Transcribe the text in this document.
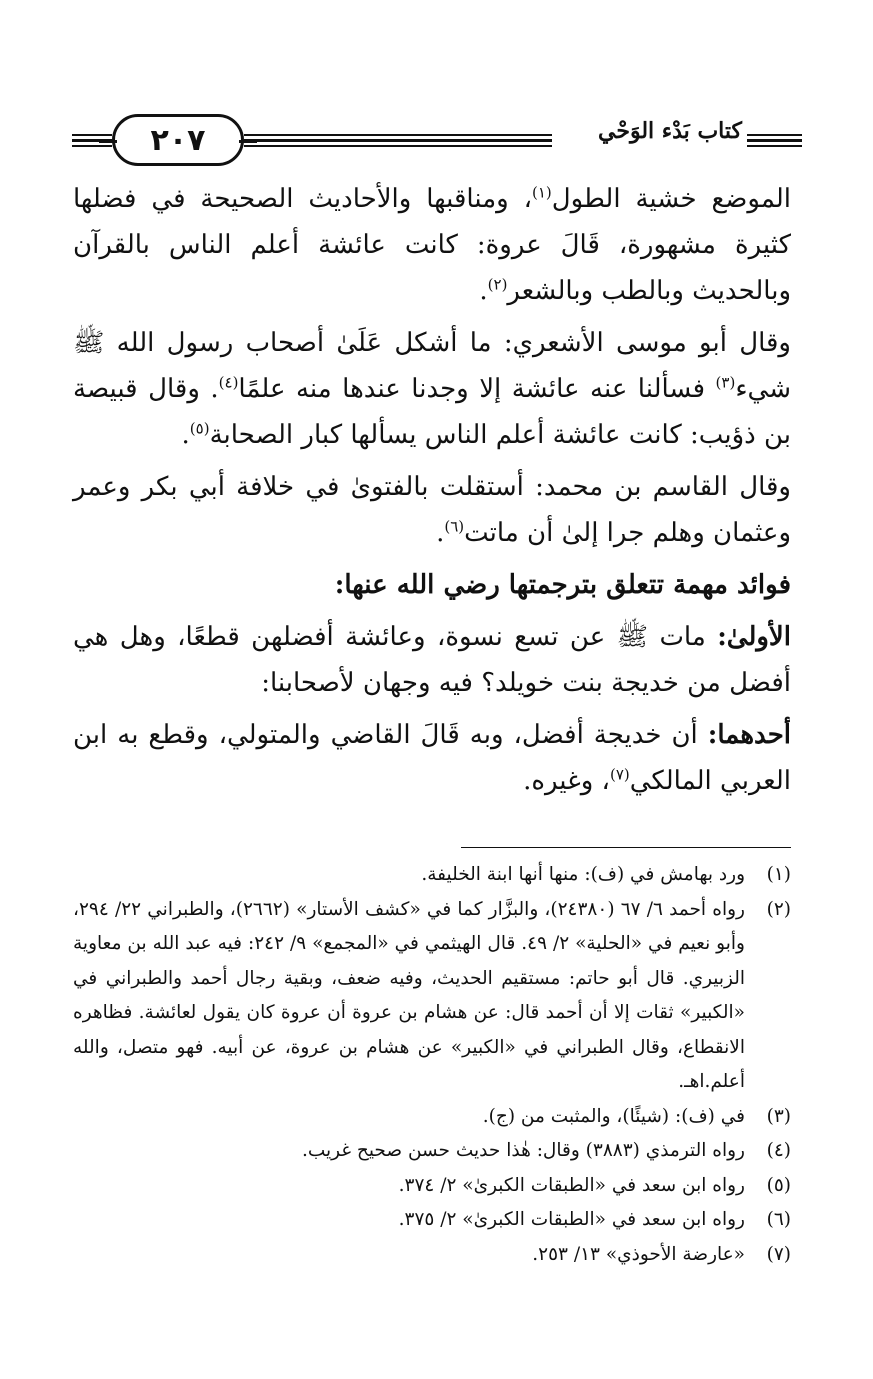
٢٠٧	كتاب بَدْء الوَحْي

الموضع خشية الطول$^{(١)}$، ومناقبها والأحاديث الصحيحة في فضلها كثيرة مشهورة، قَالَ عروة: كانت عائشة أعلم الناس بالقرآن وبالحديث وبالطب وبالشعر$^{(٢)}$.

وقال أبو موسى الأشعري: ما أشكل عَلَىٰ أصحاب رسول الله ﷺ شيء$^{(٣)}$ فسألنا عنه عائشة إلا وجدنا عندها منه علمًا$^{(٤)}$. وقال قبيصة بن ذؤيب: كانت عائشة أعلم الناس يسألها كبار الصحابة$^{(٥)}$.

وقال القاسم بن محمد: أستقلت بالفتوىٰ في خلافة أبي بكر وعمر وعثمان وهلم جرا إلىٰ أن ماتت$^{(٦)}$.

فوائد مهمة تتعلق بترجمتها رضي الله عنها:

الأولىٰ: مات ﷺ عن تسع نسوة، وعائشة أفضلهن قطعًا، وهل هي أفضل من خديجة بنت خويلد؟ فيه وجهان لأصحابنا:

أحدهما: أن خديجة أفضل، وبه قَالَ القاضي والمتولي، وقطع به ابن العربي المالكي$^{(٧)}$، وغيره.

(١)
ورد بهامش في (ف): منها أنها ابنة الخليفة.
(٢)
رواه أحمد ٦/ ٦٧ (٢٤٣٨٠)، والبزَّار كما في «كشف الأستار» (٢٦٦٢)، والطبراني ٢٢/ ٢٩٤، وأبو نعيم في «الحلية» ٢/ ٤٩. قال الهيثمي في «المجمع» ٩/ ٢٤٢: فيه عبد الله بن معاوية الزبيري. قال أبو حاتم: مستقيم الحديث، وفيه ضعف، وبقية رجال أحمد والطبراني في «الكبير» ثقات إلا أن أحمد قال: عن هشام بن عروة أن عروة كان يقول لعائشة. فظاهره الانقطاع، وقال الطبراني في «الكبير» عن هشام بن عروة، عن أبيه. فهو متصل، والله أعلم.اهـ.
(٣)
في (ف): (شيئًا)، والمثبت من (ج).
(٤)
رواه الترمذي (٣٨٨٣) وقال: هٰذا حديث حسن صحيح غريب.
(٥)
رواه ابن سعد في «الطبقات الكبرىٰ» ٢/ ٣٧٤.
(٦)
رواه ابن سعد في «الطبقات الكبرىٰ» ٢/ ٣٧٥.
(٧)
«عارضة الأحوذي» ١٣/ ٢٥٣.
